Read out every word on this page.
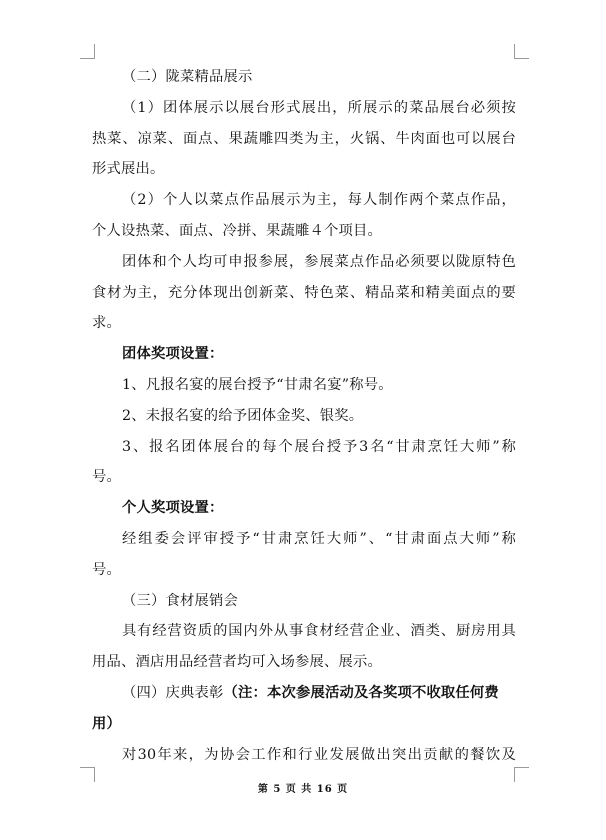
（二）陇菜精品展示
（1）团体展示以展台形式展出，所展示的菜品展台必须按
热菜、凉菜、面点、果蔬雕四类为主，火锅、牛肉面也可以展台
形式展出。
（2）个人以菜点作品展示为主，每人制作两个菜点作品，
个人设热菜、面点、冷拼、果蔬雕４个项目。
团体和个人均可申报参展，参展菜点作品必须要以陇原特色
食材为主，充分体现出创新菜、特色菜、精品菜和精美面点的要
求。
团体奖项设置：
1、凡报名宴的展台授予“甘肃名宴”称号。
2、未报名宴的给予团体金奖、银奖。
3、报名团体展台的每个展台授予3名“甘肃烹饪大师”称
号。
个人奖项设置：
经组委会评审授予“甘肃烹饪大师”、“甘肃面点大师”称
号。
（三）食材展销会
具有经营资质的国内外从事食材经营企业、酒类、厨房用具
用品、酒店用品经营者均可入场参展、展示。
（四）庆典表彰（注：本次参展活动及各奖项不收取任何费
用）
对30年来，为协会工作和行业发展做出突出贡献的餐饮及
第 5 页 共 16 页
